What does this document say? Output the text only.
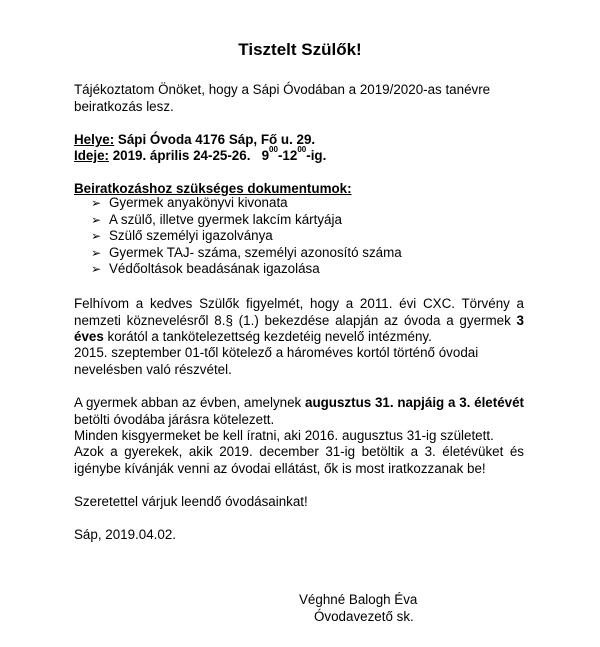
Tisztelt Szülők!
Tájékoztatom Önöket, hogy a Sápi Óvodában a 2019/2020-as tanévre beiratkozás lesz.
Helye: Sápi Óvoda 4176 Sáp, Fő u. 29.
Ideje: 2019. április 24-25-26.   $9^{00}-12^{00}-ig$.
Beiratkozáshoz szükséges dokumentumok:
➢ Gyermek anyakönyvi kivonata
➢ A szülő, illetve gyermek lakcím kártyája
➢ Szülő személyi igazolványa
➢ Gyermek TAJ- száma, személyi azonosító száma
➢ Védőoltások beadásának igazolása
Felhívom a kedves Szülők figyelmét, hogy a 2011. évi CXC. Törvény a nemzeti köznevelésről 8.§ (1.) bekezdése alapján az óvoda a gyermek 3 éves korától a tankötelezettség kezdetéig nevelő intézmény.
2015. szeptember 01-től kötelező a hároméves kortól történő óvodai nevelésben való részvétel.
A gyermek abban az évben, amelynek augusztus 31. napjáig a 3. életévét betölti óvodába járásra kötelezett.
Minden kisgyermeket be kell íratni, aki 2016. augusztus 31-ig született.
Azok a gyerekek, akik 2019. december 31-ig betöltik a 3. életévüket és igénybe kívánják venni az óvodai ellátást, ők is most iratkozzanak be!
Szeretettel várjuk leendő óvodásainkat!
Sáp, 2019.04.02.
Véghné Balogh Éva
Óvodavezető sk.
